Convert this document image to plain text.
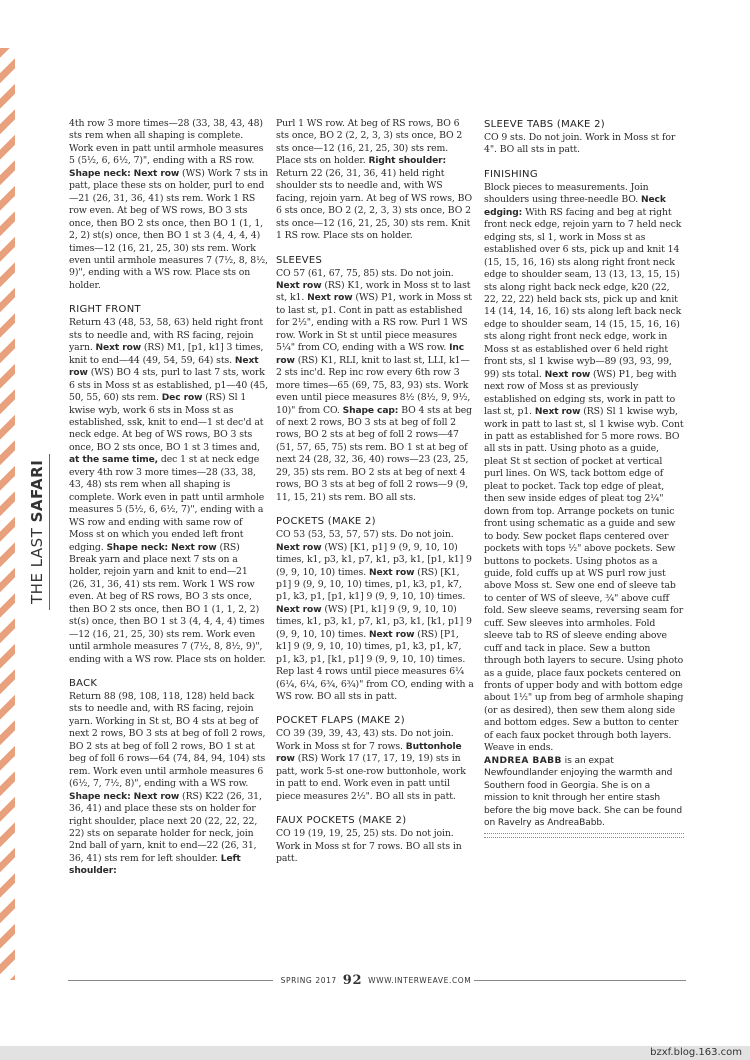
THE LAST SAFARI

4th row 3 more times—28 (33, 38, 43, 48) sts rem when all shaping is complete. Work even in patt until armhole measures 5 (5½, 6, 6½, 7)", ending with a RS row. Shape neck: Next row (WS) Work 7 sts in patt, place these sts on holder, purl to end—21 (26, 31, 36, 41) sts rem. Work 1 RS row even. At beg of WS rows, BO 3 sts once, then BO 2 sts once, then BO 1 (1, 1, 2, 2) st(s) once, then BO 1 st 3 (4, 4, 4, 4) times—12 (16, 21, 25, 30) sts rem. Work even until armhole measures 7 (7½, 8, 8½, 9)", ending with a WS row. Place sts on holder.

RIGHT FRONT

Return 43 (48, 53, 58, 63) held right front sts to needle and, with RS facing, rejoin yarn. Next row (RS) M1, [p1, k1] 3 times, knit to end—44 (49, 54, 59, 64) sts. Next row (WS) BO 4 sts, purl to last 7 sts, work 6 sts in Moss st as established, p1—40 (45, 50, 55, 60) sts rem. Dec row (RS) Sl 1 kwise wyb, work 6 sts in Moss st as established, ssk, knit to end—1 st dec'd at neck edge. At beg of WS rows, BO 3 sts once, BO 2 sts once, BO 1 st 3 times and, at the same time, dec 1 st at neck edge every 4th row 3 more times—28 (33, 38, 43, 48) sts rem when all shaping is complete. Work even in patt until armhole measures 5 (5½, 6, 6½, 7)", ending with a WS row and ending with same row of Moss st on which you ended left front edging. Shape neck: Next row (RS) Break yarn and place next 7 sts on a holder, rejoin yarn and knit to end—21 (26, 31, 36, 41) sts rem. Work 1 WS row even. At beg of RS rows, BO 3 sts once, then BO 2 sts once, then BO 1 (1, 1, 2, 2) st(s) once, then BO 1 st 3 (4, 4, 4, 4) times—12 (16, 21, 25, 30) sts rem. Work even until armhole measures 7 (7½, 8, 8½, 9)", ending with a WS row. Place sts on holder.

BACK

Return 88 (98, 108, 118, 128) held back sts to needle and, with RS facing, rejoin yarn. Working in St st, BO 4 sts at beg of next 2 rows, BO 3 sts at beg of foll 2 rows, BO 2 sts at beg of foll 2 rows, BO 1 st at beg of foll 6 rows—64 (74, 84, 94, 104) sts rem. Work even until armhole measures 6 (6½, 7, 7½, 8)", ending with a WS row. Shape neck: Next row (RS) K22 (26, 31, 36, 41) and place these sts on holder for right shoulder, place next 20 (22, 22, 22, 22) sts on separate holder for neck, join 2nd ball of yarn, knit to end—22 (26, 31, 36, 41) sts rem for left shoulder. Left shoulder:

Purl 1 WS row. At beg of RS rows, BO 6 sts once, BO 2 (2, 2, 3, 3) sts once, BO 2 sts once—12 (16, 21, 25, 30) sts rem. Place sts on holder. Right shoulder: Return 22 (26, 31, 36, 41) held right shoulder sts to needle and, with WS facing, rejoin yarn. At beg of WS rows, BO 6 sts once, BO 2 (2, 2, 3, 3) sts once, BO 2 sts once—12 (16, 21, 25, 30) sts rem. Knit 1 RS row. Place sts on holder.

SLEEVES

CO 57 (61, 67, 75, 85) sts. Do not join. Next row (RS) K1, work in Moss st to last st, k1. Next row (WS) P1, work in Moss st to last st, p1. Cont in patt as established for 2½", ending with a RS row. Purl 1 WS row. Work in St st until piece measures 5¼" from CO, ending with a WS row. Inc row (RS) K1, RLI, knit to last st, LLI, k1—2 sts inc'd. Rep inc row every 6th row 3 more times—65 (69, 75, 83, 93) sts. Work even until piece measures 8½ (8½, 9, 9½, 10)" from CO. Shape cap: BO 4 sts at beg of next 2 rows, BO 3 sts at beg of foll 2 rows, BO 2 sts at beg of foll 2 rows—47 (51, 57, 65, 75) sts rem. BO 1 st at beg of next 24 (28, 32, 36, 40) rows—23 (23, 25, 29, 35) sts rem. BO 2 sts at beg of next 4 rows, BO 3 sts at beg of foll 2 rows—9 (9, 11, 15, 21) sts rem. BO all sts.

POCKETS (MAKE 2)

CO 53 (53, 53, 57, 57) sts. Do not join. Next row (WS) [K1, p1] 9 (9, 9, 10, 10) times, k1, p3, k1, p7, k1, p3, k1, [p1, k1] 9 (9, 9, 10, 10) times. Next row (RS) [K1, p1] 9 (9, 9, 10, 10) times, p1, k3, p1, k7, p1, k3, p1, [p1, k1] 9 (9, 9, 10, 10) times. Next row (WS) [P1, k1] 9 (9, 9, 10, 10) times, k1, p3, k1, p7, k1, p3, k1, [k1, p1] 9 (9, 9, 10, 10) times. Next row (RS) [P1, k1] 9 (9, 9, 10, 10) times, p1, k3, p1, k7, p1, k3, p1, [k1, p1] 9 (9, 9, 10, 10) times. Rep last 4 rows until piece measures 6¼ (6¼, 6¼, 6¾, 6¾)" from CO, ending with a WS row. BO all sts in patt.

POCKET FLAPS (MAKE 2)

CO 39 (39, 39, 43, 43) sts. Do not join. Work in Moss st for 7 rows. Buttonhole row (RS) Work 17 (17, 17, 19, 19) sts in patt, work 5-st one-row buttonhole, work in patt to end. Work even in patt until piece measures 2½". BO all sts in patt.

FAUX POCKETS (MAKE 2)

CO 19 (19, 19, 25, 25) sts. Do not join. Work in Moss st for 7 rows. BO all sts in patt.

SLEEVE TABS (MAKE 2)

CO 9 sts. Do not join. Work in Moss st for 4". BO all sts in patt.

FINISHING

Block pieces to measurements. Join shoulders using three-needle BO. Neck edging: With RS facing and beg at right front neck edge, rejoin yarn to 7 held neck edging sts, sl 1, work in Moss st as established over 6 sts, pick up and knit 14 (15, 15, 16, 16) sts along right front neck edge to shoulder seam, 13 (13, 13, 15, 15) sts along right back neck edge, k20 (22, 22, 22, 22) held back sts, pick up and knit 14 (14, 14, 16, 16) sts along left back neck edge to shoulder seam, 14 (15, 15, 16, 16) sts along right front neck edge, work in Moss st as established over 6 held right front sts, sl 1 kwise wyb—89 (93, 93, 99, 99) sts total. Next row (WS) P1, beg with next row of Moss st as previously established on edging sts, work in patt to last st, p1. Next row (RS) Sl 1 kwise wyb, work in patt to last st, sl 1 kwise wyb. Cont in patt as established for 5 more rows. BO all sts in patt. Using photo as a guide, pleat St st section of pocket at vertical purl lines. On WS, tack bottom edge of pleat to pocket. Tack top edge of pleat, then sew inside edges of pleat tog 2¼" down from top. Arrange pockets on tunic front using schematic as a guide and sew to body. Sew pocket flaps centered over pockets with tops ½" above pockets. Sew buttons to pockets. Using photos as a guide, fold cuffs up at WS purl row just above Moss st. Sew one end of sleeve tab to center of WS of sleeve, ¾" above cuff fold. Sew sleeve seams, reversing seam for cuff. Sew sleeves into armholes. Fold sleeve tab to RS of sleeve ending above cuff and tack in place. Sew a button through both layers to secure. Using photo as a guide, place faux pockets centered on fronts of upper body and with bottom edge about 1½" up from beg of armhole shaping (or as desired), then sew them along side and bottom edges. Sew a button to center of each faux pocket through both layers. Weave in ends.

ANDREA BABB is an expat Newfoundlander enjoying the warmth and Southern food in Georgia. She is on a mission to knit through her entire stash before the big move back. She can be found on Ravelry as AndreaBabb.

SPRING 2017 92 WWW.INTERWEAVE.COM
bzxf.blog.163.com
